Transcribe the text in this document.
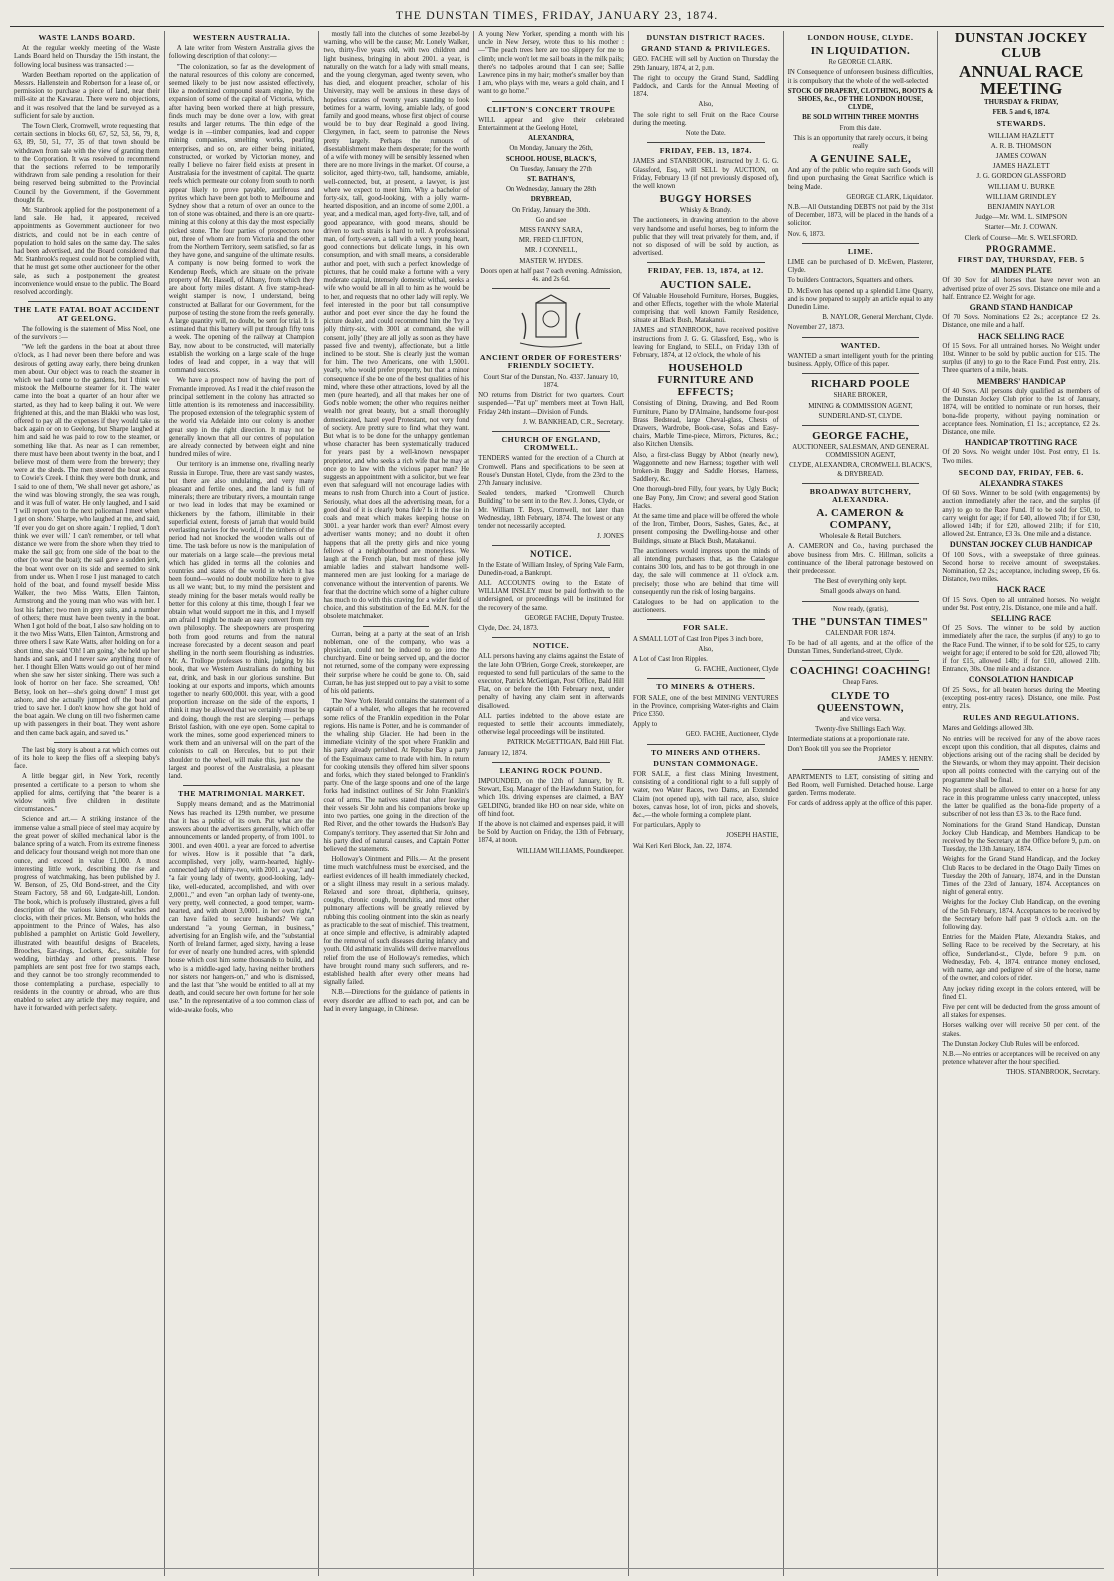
THE DUNSTAN TIMES, FRIDAY, JANUARY 23, 1874.
WASTE LANDS BOARD.

At the regular weekly meeting of the Waste Lands Board held on Thursday the 15th instant, the following local business was transacted :—

Warden Beetham reported on the application of Messrs. Hallenstein and Robertson for a lease of, or permission to purchase a piece of land, near their mill-site at the Kawarau. There were no objections, and it was resolved that the land be surveyed as a sufficient for sale by auction.

The Town Clerk, Cromwell, wrote requesting that certain sections in blocks 60, 67, 52, 53, 56, 79, 8, 63, 89, 50, 51, 77, 35 of that town should be withdrawn from sale with the view of granting them to the Corporation. It was resolved to recommend that the sections referred to be temporarily withdrawn from sale pending a resolution for their being reserved being submitted to the Provincial Council by the Government, if the Government thought fit.

Mr. Stanbrook applied for the postponement of a land sale. He had, it appeared, received appointments as Government auctioneer for two districts, and could not be in each centre of population to hold sales on the same day. The sales had been advertised, and the Board considered that Mr. Stanbrook's request could not be complied with, that he must get some other auctioneer for the other sale, as such a postponement the greatest inconvenience would ensue to the public. The Board resolved accordingly.

THE LATE FATAL BOAT ACCIDENT AT GEELONG.

The following is the statement of Miss Noel, one of the survivors :—

"We left the gardens in the boat at about three o'clock, as I had never been there before and was desirous of getting away early, there being drunken men about. Our object was to reach the steamer in which we had come to the gardens, but I think we mistook the Melbourne steamer for it. The water came into the boat a quarter of an hour after we started, as they had to keep baling it out. We were frightened at this, and the man Blakki who was lost, offered to pay all the expenses if they would take us back again or on to Geelong, but Sharpe laughed at him and said he was paid to row to the steamer, or something like that. As near as I can remember, there must have been about twenty in the boat, and I believe most of them were from the brewery; they were at the sheds. The men steered the boat across to Cowie's Creek. I think they were both drunk, and I said to one of them, 'We shall never get ashore,' as the wind was blowing strongly, the sea was rough, and it was full of water. He only laughed, and I said 'I will report you to the next policeman I meet when I get on shore.' Sharpe, who laughed at me, and said, 'If ever you do get on shore again.' I replied, 'I don't think we ever will.' I can't remember, or tell what distance we were from the shore when they tried to make the sail go; from one side of the boat to the other (to wear the boat); the sail gave a sudden jerk, the boat went over on its side and seemed to sink from under us. When I rose I just managed to catch hold of the boat, and found myself beside Miss Walker, the two Miss Watts, Ellen Tainton, Armstrong and the young man who was with her. I lost his father; two men in grey suits, and a number of others; there must have been twenty in the boat. When I got hold of the boat, I also saw holding on to it the two Miss Watts, Ellen Tainton, Armstrong and three others I saw Kate Watts, after holding on for a short time, she said 'Oh! I am going,' she held up her hands and sank, and I never saw anything more of her. I thought Ellen Watts would go out of her mind when she saw her sister sinking. There was such a look of horror on her face. She screamed, 'Oh! Betsy, look on her—she's going down!' I must get ashore, and she actually jumped off the boat and tried to save her. I don't know how she got hold of the boat again. We clung on till two fishermen came up with passengers in their boat. They went ashore and then came back again, and saved us."

The last big story is about a rat which comes out of its hole to keep the flies off a sleeping baby's face.

A little beggar girl, in New York, recently presented a certificate to a person to whom she applied for alms, certifying that "the bearer is a widow with five children in destitute circumstances."

Science and art.— A striking instance of the immense value a small piece of steel may acquire by the great power of skilled mechanical labor is the balance spring of a watch. From its extreme fineness and delicacy four thousand weigh not more than one ounce, and exceed in value £1,000. A most interesting little work, describing the rise and progress of watchmaking, has been published by J. W. Benson, of 25, Old Bond-street, and the City Steam Factory, 58 and 60, Ludgate-hill, London. The book, which is profusely illustrated, gives a full description of the various kinds of watches and clocks, with their prices. Mr. Benson, who holds the appointment to the Prince of Wales, has also published a pamphlet on Artistic Gold Jewellery, illustrated with beautiful designs of Bracelets, Brooches, Ear-rings, Lockets, &c., suitable for wedding, birthday and other presents. These pamphlets are sent post free for two stamps each, and they cannot be too strongly recommended to those contemplating a purchase, especially to residents in the country or abroad, who are thus enabled to select any article they may require, and have it forwarded with perfect safety.

WESTERN AUSTRALIA.

A late writer from Western Australia gives the following description of that colony:—

"The colonization, so far as the development of the natural resources of this colony are concerned, seemed likely to be just now assisted effectively, like a modernized compound steam engine, by the expansion of some of the capital of Victoria, which, after having been worked there at high pressure, finds much may be done over a low, with great results and larger returns. The thin edge of the wedge is in —timber companies, lead and copper mining companies, smelting works, pearling enterprises, and so on, are either being initiated, constructed, or worked by Victorian money, and really I believe no fairer field exists at present in Australasia for the investment of capital. The quartz reefs which permeate our colony from south to north appear likely to prove payable, auriferous and pyrites which have been got both to Melbourne and Sydney show that a return of over an ounce to the ton of stone was obtained, and there is an ore quartz-mining at this colony at this day the most especially picked stone. The four parties of prospectors now out, three of whom are from Victoria and the other from the Northern Territory, seem satisfied, so far as they have gone, and sanguine of the ultimate results. A company is now being formed to work the Kendenup Reefs, which are situate on the private property of Mr. Hassell, of Albany, from which they are about forty miles distant. A five stamp-head-weight stamper is now, I understand, being constructed at Ballarat for our Government, for the purpose of testing the stone from the reefs generally. A large quantity will, no doubt, be sent for trial. It is estimated that this battery will put through fifty tons a week. The opening of the railway at Champion Bay, now about to be constructed, will materially establish the working on a large scale of the huge lodes of lead and copper, in a way that will command success.

We have a prospect now of having the port of Fremantle improved. As I read it the chief reason the principal settlement in the colony has attracted so little attention is its remoteness and inaccessibility. The proposed extension of the telegraphic system of the world via Adelaide into our colony is another great step in the right direction. It may not be generally known that all our centres of population are already connected by between eight and nine hundred miles of wire.

Our territory is an immense one, rivalling nearly Russia in Europe. True, there are vast sandy wastes, but there are also undulating, and very many pleasant and fertile ones, and the land is full of minerals; there are tributary rivers, a mountain range or two lead in lodes that may be examined or thickeners by the fathom, illimitable in their superficial extent, forests of jarrah that would build everlasting navies for the world, if the timbers of the period had not knocked the wooden walls out of time. The task before us now is the manipulation of our materials on a large scale—the previous metal which has glided in terms all the colonies and countries and states of the world in which it has been found—would no doubt mobilize here to give us all we want; but, to my mind the persistent and steady mining for the baser metals would really be better for this colony at this time, though I fear we obtain what would support me in this, and I myself am afraid I might be made an easy convert from my own philosophy. The sheepowners are prospering both from good returns and from the natural increase forecasted by a decent season and pearl shelling in the north seem flourishing as industries. Mr. A. Trollope professes to think, judging by his book, that we Western Australians do nothing but eat, drink, and bask in our glorious sunshine. But looking at our exports and imports, which amounts together to nearly 600,000l. this year, with a good proportion increase on the side of the exports, I think it may be allowed that we certainly must be up and doing, though the rest are sleeping — perhaps Bristol fashion, with one eye open. Some capital to work the mines, some good experienced miners to work them and an universal will on the part of the colonists to call on Hercules, but to put their shoulder to the wheel, will make this, just now the largest and poorest of the Australasia, a pleasant land.

THE MATRIMONIAL MARKET.

Supply means demand; and as the Matrimonial News has reached its 129th number, we presume that it has a public of its own. Put what are the answers about the advertisers generally, which offer announcements or landed property, of from 1001. to 3001. and even 4001. a year are forced to advertise for wives. How is it possible that "a dark, accomplished, very jolly, warm-hearted, highly-connected lady of thirty-two, with 2001. a year," and "a fair young lady of twenty, good-looking, lady-like, well-educated, accomplished, and with over 2,0001.," and even "an orphan lady of twenty-one, very pretty, well connected, a good temper, warm-hearted, and with about 3,0001. in her own right," can have failed to secure husbands? We can understand "a young German, in business," advertising for an English wife, and the "substantial North of Ireland farmer, aged sixty, having a lease for ever of nearly one hundred acres, with splendid house which cost him some thousands to build, and who is a middle-aged lady, having neither brothers nor sisters nor hangers-on," and who is dismissed, and the last that "she would be entitled to all at my death, and could secure her own fortune for her sole use." In the representative of a too common class of wide-awake fools, who

mostly fall into the clutches of some Jezebel-by warning, who will be the cause; Mr. Lonely Walker, two, thirty-five years old, with two children and light business, bringing in about 2001. a year, is naturally on the watch for a lady with small means, and the young clergyman, aged twenty seven, who has died, and eloquent preacher, scholar of his University, may well be anxious in these days of hopeless curates of twenty years standing to look betimes for a warm, loving, amiable lady, of good family and good means, whose first object of course would be to buy dear Reginald a good living. Clergymen, in fact, seem to patronise the News pretty largely. Perhaps the rumours of disestablishment make them desperate; for the worth of a wife with money will be sensibly lessened when there are no more livings in the market. Of course, a solicitor, aged thirty-two, tall, handsome, amiable, well-connected, but, at present, a lawyer, is just where we expect to meet him. Why a bachelor of forty-six, tall, good-looking, with a jolly warm-hearted disposition, and an income of some 2,001. a year, and a medical man, aged forty-five, tall, and of good appearance, with good means, should be driven to such straits is hard to tell. A professional man, of forty-seven, a tall with a very young heart, good connections but delicate lungs, in his own consumption, and with small means, a considerable author and poet, with such a perfect knowledge of pictures, that he could make a fortune with a very moderate capital, intensely domestic withal, seeks a wife who would be all in all to him as he would be to her, and requests that no other lady will reply. We feel interested in the poor but tall consumptive author and poet ever since the day he found the picture dealer, and could recommend him the 'Ivy a jolly thirty-six, with 3001 at command, she will consent, jolly' (they are all jolly as soon as they have passed five and twenty), affectionate, but a little inclined to be stout. She is clearly just the woman for him. The two Americans, one with 1,5001. yearly, who would prefer property, but that a minor consequence if she be one of the best qualities of his mind, where these other attractions, loved by all the men (pure hearted), and all that makes her one of God's noble women; the other who requires neither wealth nor great beauty, but a small thoroughly domesticated, hazel eyed Protestant, not very fond of society. Are pretty sure to find what they want. But what is to be done for the unhappy gentleman whose character has been systematically traduced for years past by a well-known newspaper proprietor, and who seeks a rich wife that he may at once go to law with the vicious paper man? He suggests an appointment with a solicitor, but we fear even that safeguard will not encourage ladies with means to rush from Church into a Court of justice. Seriously, what does all the advertising mean, for a good deal of it is clearly bona fide? Is it the rise in coals and meat which makes keeping house on 3001. a year harder work than ever? Almost every advertiser wants money; and no doubt it often happens that all the pretty girls and nice young fellows of a neighbourhood are moneyless. We laugh at the French plan, but most of these jolly amiable ladies and stalwart handsome well-mannered men are just looking for a mariage de convenance without the intervention of parents. We fear that the doctrine which some of a higher culture has much to do with this craving for a wider field of choice, and this substitution of the Ed. M.N. for the obsolete matchmaker.

Curran, being at a party at the seat of an Irish nobleman, one of the company, who was a physician, could not be induced to go into the churchyard. Eine or being served up, and the doctor not returned, some of the company were expressing their surprise where he could be gone to. Oh, said Curran, he has just stepped out to pay a visit to some of his old patients.

The New York Herald contains the statement of a captain of a whaler, who alleges that he recovered some relics of the Franklin expedition in the Polar regions. His name is Potter, and he is commander of the whaling ship Glacier. He had been in the immediate vicinity of the spot where Franklin and his party already perished. At Repulse Bay a party of the Esquimaux came to trade with him. In return for cooking utensils they offered him silver spoons and forks, which they stated belonged to Franklin's party. One of the large spoons and one of the large forks had indistinct outlines of Sir John Franklin's coat of arms. The natives stated that after leaving their vessels Sir John and his companions broke up into two parties, one going in the direction of the Red River, and the other towards the Hudson's Bay Company's territory. They asserted that Sir John and his party died of natural causes, and Captain Potter believed the statements.

Holloway's Ointment and Pills.— At the present time much watchfulness must be exercised, and the earliest evidences of ill health immediately checked, or a slight illness may result in a serious malady. Relaxed and sore throat, diphtheria, quinsey, coughs, chronic cough, bronchitis, and most other pulmonary affections will be greatly relieved by rubbing this cooling ointment into the skin as nearly as practicable to the seat of mischief. This treatment, at once simple and effective, is admirably adapted for the removal of such diseases during infancy and youth. Old asthmatic invalids will derive marvellous relief from the use of Holloway's remedies, which have brought round many such sufferers, and re-established health after every other means had signally failed.

N.B.—Directions for the guidance of patients in every disorder are affixed to each pot, and can be had in every language, in Chinese.

A young New Yorker, spending a month with his uncle in New Jersey, wrote thus to his mother :—"The peach trees here are too slippery for me to climb; uncle won't let me sail boats in the milk pails; there's no tadpoles around that I can see; Sallie Lawrence pins in my hair; mother's smaller boy than I am, who plays with me, wears a gold chain, and I want to go home."

CLIFTON'S CONCERT TROUPE

WILL appear and give their celebrated Entertainment at the Geelong Hotel,

ALEXANDRA,

On Monday, January the 26th,

SCHOOL HOUSE, BLACK'S,

On Tuesday, January the 27th

ST. BATHAN'S,

On Wednesday, January the 28th

DRYBREAD,

On Friday, January the 30th.

Go and see

MISS FANNY SARA,

MR. FRED CLIFTON,

MR. J CONNELL,

MASTER W. HYDES.

Doors open at half past 7 each evening. Admission, 4s. and 2s 6d.

ANCIENT ORDER OF FORESTERS' FRIENDLY SOCIETY.

Court Star of the Dunstan, No. 4337. January 10, 1874.

NO returns from District for two quarters. Court suspended—"Pat up" members meet at Town Hall, Friday 24th instant—Division of Funds.

J. W. BANKHEAD, C.R., Secretary.

CHURCH OF ENGLAND, CROMWELL.

TENDERS wanted for the erection of a Church at Cromwell. Plans and specifications to be seen at Rouse's Dunstan Hotel, Clyde, from the 23rd to the 27th January inclusive.

Sealed tenders, marked "Cromwell Church Building" to be sent in to the Rev. J. Jones, Clyde, or Mr. William T. Boys, Cromwell, not later than Wednesday, 18th February, 1874. The lowest or any tender not necessarily accepted.

J. JONES

NOTICE.

In the Estate of William Insley, of Spring Vale Farm, Dunedin-road, a Bankrupt.

ALL ACCOUNTS owing to the Estate of WILLIAM INSLEY must be paid forthwith to the undersigned, or proceedings will be instituted for the recovery of the same.

GEORGE FACHE, Deputy Trustee.

Clyde, Dec. 24, 1873.

NOTICE.

ALL persons having any claims against the Estate of the late John O'Brien, Gorge Creek, storekeeper, are requested to send full particulars of the same to the executor, Patrick McGettigan, Post Office, Bald Hill Flat, on or before the 10th February next, under penalty of having any claim sent in afterwards disallowed.

ALL parties indebted to the above estate are requested to settle their accounts immediately, otherwise legal proceedings will be instituted.

PATRICK McGETTIGAN, Bald Hill Flat.

January 12, 1874.

LEANING ROCK POUND.

IMPOUNDED, on the 12th of January, by R. Stewart, Esq. Manager of the Hawkdunn Station, for which 10s. driving expenses are claimed, a BAY GELDING, branded like HO on near side, white on off hind foot.

If the above is not claimed and expenses paid, it will be Sold by Auction on Friday, the 13th of February, 1874, at noon.

WILLIAM WILLIAMS, Poundkeeper.

DUNSTAN DISTRICT RACES.
GRAND STAND & PRIVILEGES.

GEO. FACHE will sell by Auction on Thursday the 29th January, 1874, at 2, p.m.

The right to occupy the Grand Stand, Saddling Paddock, and Cards for the Annual Meeting of 1874.

Also,

The sole right to sell Fruit on the Race Course during the meeting.

Note the Date.

FRIDAY, FEB. 13, 1874.

JAMES and STANBROOK, instructed by J. G. G. Glassford, Esq., will SELL by AUCTION, on Friday, February 13 (if not previously disposed of), the well known

BUGGY HORSES

Whisky & Brandy.

The auctioneers, in drawing attention to the above very handsome and useful horses, beg to inform the public that they will treat privately for them, and, if not so disposed of will be sold by auction, as advertised.

FRIDAY, FEB. 13, 1874, at 12.

AUCTION SALE.

Of Valuable Household Furniture, Horses, Buggies, and other Effects, together with the whole Material comprising that well known Family Residence, situate at Black Bush, Matakanui.

JAMES and STANBROOK, have received positive instructions from J. G. G. Glassford, Esq., who is leaving for England, to SELL, on Friday 13th of February, 1874, at 12 o'clock, the whole of his

HOUSEHOLD FURNITURE AND EFFECTS;

Consisting of Dining, Drawing, and Bed Room Furniture, Piano by D'Almaine, handsome four-post Brass Bedstead, large Cheval-glass, Chests of Drawers, Wardrobe, Book-case, Sofas and Easy-chairs, Marble Time-piece, Mirrors, Pictures, &c.; also Kitchen Utensils.

Also, a first-class Buggy by Abbot (nearly new), Waggonnette and new Harness; together with well broken-in Buggy and Saddle Horses, Harness, Saddlery, &c.

One thorough-bred Filly, four years, by Ugly Buck; one Bay Pony, Jim Crow; and several good Station Hacks.

At the same time and place will be offered the whole of the Iron, Timber, Doors, Sashes, Gates, &c., at present composing the Dwelling-house and other Buildings, situate at Black Bush, Matakanui.

The auctioneers would impress upon the minds of all intending purchasers that, as the Catalogue contains 300 lots, and has to be got through in one day, the sale will commence at 11 o'clock a.m. precisely; those who are behind that time will consequently run the risk of losing bargains.

Catalogues to be had on application to the auctioneers.

FOR SALE.

A SMALL LOT of Cast Iron Pipes 3 inch bore,

Also,

A Lot of Cast Iron Ripples.

G. FACHE, Auctioneer, Clyde

TO MINERS & OTHERS.

FOR SALE, one of the best MINING VENTURES in the Province, comprising Water-rights and Claim Price £350.

Apply to

GEO. FACHE, Auctioneer, Clyde

TO MINERS AND OTHERS.
DUNSTAN COMMONAGE.

FOR SALE, a first class Mining Investment, consisting of a conditional right to a full supply of water, two Water Races, two Dams, an Extended Claim (not opened up), with tail race, also, sluice boxes, canvas hose, lot of iron, picks and shovels, &c.,—the whole forming a complete plant.

For particulars, Apply to

JOSEPH HASTIE,

Wai Keri Keri Block, Jan. 22, 1874.

LONDON HOUSE, CLYDE.

IN LIQUIDATION.

Re GEORGE CLARK.

IN Consequence of unforeseen business difficulties, it is compulsory that the whole of the well-selected

STOCK OF DRAPERY, CLOTHING, BOOTS & SHOES, &c., OF THE LONDON HOUSE, CLYDE,

BE SOLD WITHIN THREE MONTHS

From this date.

This is an opportunity that rarely occurs, it being really

A GENUINE SALE,

And any of the public who require such Goods will find upon purchasing the Great Sacrifice which is being Made.

GEORGE CLARK, Liquidator.

N.B.—All Outstanding DEBTS not paid by the 31st of December, 1873, will be placed in the hands of a solicitor.

Nov. 6, 1873.

LIME.

LIME can be purchased of D. McEwen, Plasterer, Clyde.

To builders Contractors, Squatters and others.

D. McEwen has opened up a splendid Lime Quarry, and is now prepared to supply an article equal to any Dunedin Lime.

B. NAYLOR, General Merchant, Clyde.

November 27, 1873.

WANTED.

WANTED a smart intelligent youth for the printing business. Apply, Office of this paper.

RICHARD POOLE

SHARE BROKER,

MINING & COMMISSION AGENT,

SUNDERLAND-ST, CLYDE.

GEORGE FACHE,

AUCTIONEER, SALESMAN, AND GENERAL COMMISSION AGENT,

CLYDE, ALEXANDRA, CROMWELL BLACK'S, & DRYBREAD.

BROADWAY BUTCHERY, ALEXANDRA.

A. CAMERON & COMPANY,

Wholesale & Retail Butchers.

A. CAMERON and Co., having purchased the above business from Mrs. C. Hillman, solicits a continuance of the liberal patronage bestowed on their predecessor.

The Best of everything only kept.

Small goods always on hand.

Now ready, (gratis),

THE "DUNSTAN TIMES"

CALENDAR FOR 1874.

To be had of all agents, and at the office of the Dunstan Times, Sunderland-street, Clyde.

COACHING! COACHING!

Cheap Fares.

CLYDE TO QUEENSTOWN,

and vice versa.

Twenty-five Shillings Each Way.

Intermediate stations at a proportionate rate.

Don't Book till you see the Proprietor

JAMES Y. HENRY.

APARTMENTS to LET, consisting of sitting and Bed Room, well Furnished. Detached house. Large garden. Terms moderate.

For cards of address apply at the office of this paper.

DUNSTAN JOCKEY CLUB

ANNUAL RACE MEETING

THURSDAY & FRIDAY,

FEB. 5 and 6, 1874.

STEWARDS.

WILLIAM HAZLETT

A. R. B. THOMSON

JAMES COWAN

JAMES HAZLETT

J. G. GORDON GLASSFORD

WILLIAM U. BURKE

WILLIAM GRINDLEY

BENJAMIN NAYLOR

Judge—Mr. WM. L. SIMPSON

Starter—Mr. J. COWAN.

Clerk of Course—Mr. S. WELSFORD.

PROGRAMME.
FIRST DAY, THURSDAY, FEB. 5

MAIDEN PLATE

Of 30 Sov for all horses that have never won an advertised prize of over 25 sovs. Distance one mile and a half. Entrance £2. Weight for age.

GRAND STAND HANDICAP

Of 70 Sovs. Nominations £2 2s.; acceptance £2 2s. Distance, one mile and a half.

HACK SELLING RACE

Of 15 Sovs. For all untrained horses. No Weight under 10st. Winner to be sold by public auction for £15. The surplus (if any) to go to the Race Fund. Post entry, 21s. Three quarters of a mile, heats.

MEMBERS' HANDICAP

Of 40 Sovs. All persons duly qualified as members of the Dunstan Jockey Club prior to the 1st of January, 1874, will be entitled to nominate or run horses, their bona-fide property, without paying nomination or acceptance fees. Nomination, £1 1s.; acceptance, £2 2s. Distance, one mile.

HANDICAP TROTTING RACE

Of 20 Sovs. No weight under 10st. Post entry, £1 1s. Two miles.

SECOND DAY, FRIDAY, FEB. 6.

ALEXANDRA STAKES

Of 60 Sovs. Winner to be sold (with engagements) by auction immediately after the race, and the surplus (if any) to go to the Race Fund. If to be sold for £50, to carry weight for age; if for £40, allowed 7lb; if for £30, allowed 14lb; if for £20, allowed 21lb; if for £10, allowed 2st. Entrance, £3 3s. One mile and a distance.

DUNSTAN JOCKEY CLUB HANDICAP

Of 100 Sovs., with a sweepstake of three guineas. Second horse to receive amount of sweepstakes. Nomination, £2 2s.; acceptance, including sweep, £6 6s. Distance, two miles.

HACK RACE

Of 15 Sovs. Open to all untrained horses. No weight under 9st. Post entry, 21s. Distance, one mile and a half.

SELLING RACE

Of 25 Sovs. The winner to be sold by auction immediately after the race, the surplus (if any) to go to the Race Fund. The winner, if to be sold for £25, to carry weight for age; if entered to be sold for £20, allowed 7lb; if for £15, allowed 14lb; if for £10, allowed 21lb. Entrance, 30s. One mile and a distance.

CONSOLATION HANDICAP

Of 25 Sovs., for all beaten horses during the Meeting (excepting post-entry races). Distance, one mile. Post entry, 21s.

RULES AND REGULATIONS.

Mares and Geldings allowed 3lb.

No entries will be received for any of the above races except upon this condition, that all disputes, claims and objections arising out of the racing shall be decided by the Stewards, or whom they may appoint. Their decision upon all points connected with the carrying out of the programme shall be final.

No protest shall be allowed to enter on a horse for any race in this programme unless carry unaccepted, unless the latter be qualified as the bona-fide property of a subscriber of not less than £3 3s. to the Race fund.

Nominations for the Grand Stand Handicap, Dunstan Jockey Club Handicap, and Members Handicap to be received by the Secretary at the Office before 9, p.m. on Tuesday, the 13th January, 1874.

Weights for the Grand Stand Handicap, and the Jockey Club Races to be declared in the Otago Daily Times on Tuesday the 20th of January, 1874, and in the Dunstan Times of the 23rd of January, 1874. Acceptances on night of general entry.

Weights for the Jockey Club Handicap, on the evening of the 5th February, 1874. Acceptances to be received by the Secretary before half past 9 o'clock a.m. on the following day.

Entries for the Maiden Plate, Alexandra Stakes, and Selling Race to be received by the Secretary, at his office, Sunderland-st., Clyde, before 9 p.m. on Wednesday, Feb. 4, 1874. entrance money enclosed, with name, age and pedigree of sire of the horse, name of the owner, and colors of rider.

Any jockey riding except in the colors entered, will be fined £1.

Five per cent will be deducted from the gross amount of all stakes for expenses.

Horses walking over will receive 50 per cent. of the stakes.

The Dunstan Jockey Club Rules will be enforced.

N.B.—No entries or acceptances will be received on any pretence whatever after the hour specified.

THOS. STANBROOK, Secretary.
